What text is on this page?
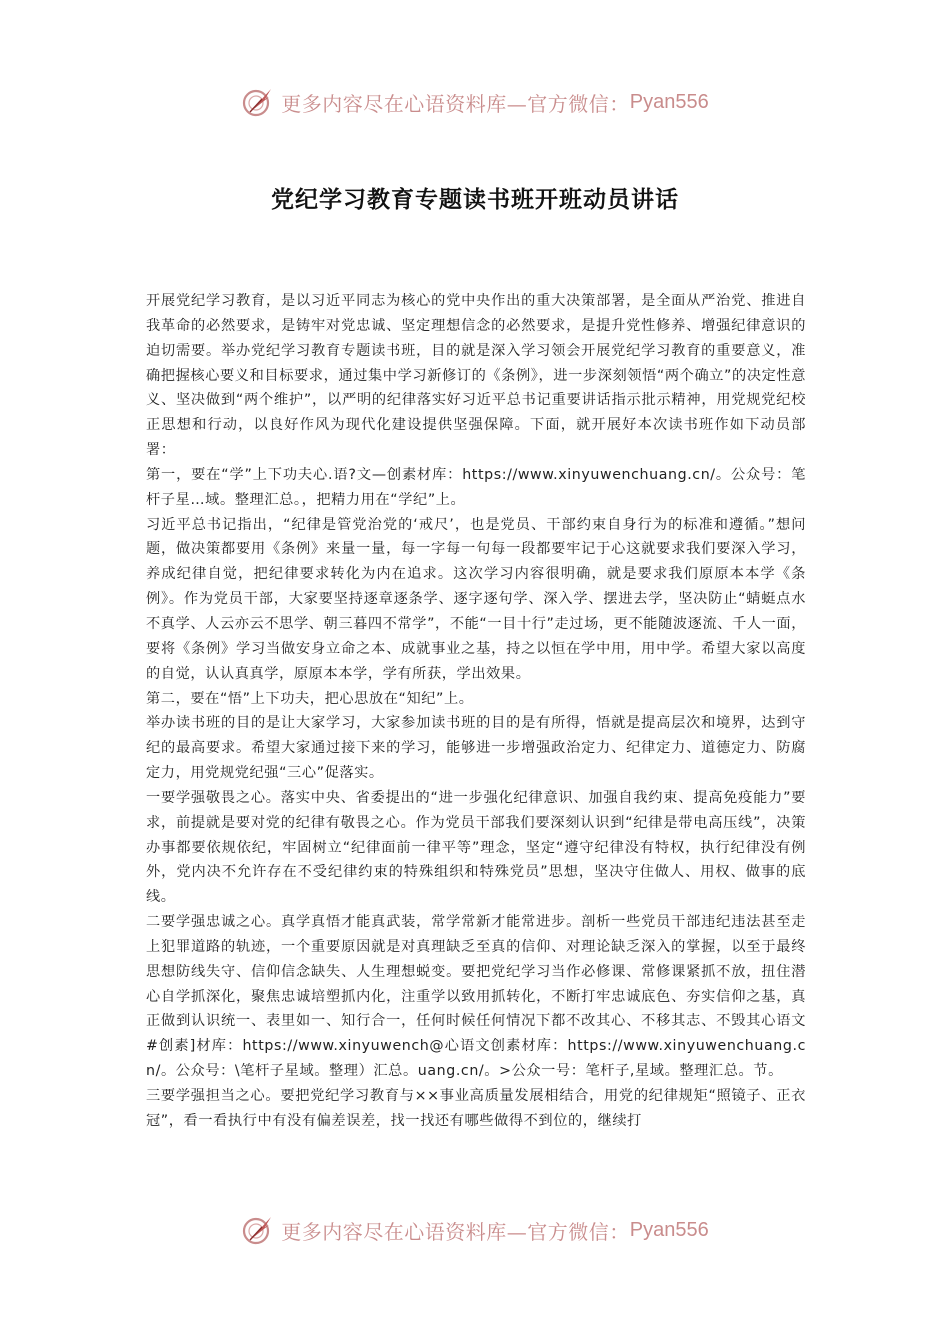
更多内容尽在心语资料库—官方微信： Pyan556
党纪学习教育专题读书班开班动员讲话

开展党纪学习教育，是以习近平同志为核心的党中央作出的重大决策部署，是全面从严治党、推进自我革命的必然要求，是铸牢对党忠诚、坚定理想信念的必然要求，是提升党性修养、增强纪律意识的迫切需要。举办党纪学习教育专题读书班，目的就是深入学习领会开展党纪学习教育的重要意义，准确把握核心要义和目标要求，通过集中学习新修订的《条例》，进一步深刻领悟“两个确立”的决定性意义、坚决做到“两个维护”，以严明的纪律落实好习近平总书记重要讲话指示批示精神，用党规党纪校正思想和行动，以良好作风为现代化建设提供坚强保障。下面，就开展好本次读书班作如下动员部署：

第一，要在“学”上下功夫心.语?文—创素材库：https://www.xinyuwenchuang.cn/。公众号：笔杆子星…域。整理汇总。，把精力用在“学纪”上。

习近平总书记指出，“纪律是管党治党的‘戒尺’，也是党员、干部约束自身行为的标准和遵循。”想问题，做决策都要用《条例》来量一量，每一字每一句每一段都要牢记于心这就要求我们要深入学习，养成纪律自觉，把纪律要求转化为内在追求。这次学习内容很明确，就是要求我们原原本本学《条例》。作为党员干部，大家要坚持逐章逐条学、逐字逐句学、深入学、摆进去学，坚决防止“蜻蜓点水不真学、人云亦云不思学、朝三暮四不常学”，不能“一目十行”走过场，更不能随波逐流、千人一面，要将《条例》学习当做安身立命之本、成就事业之基，持之以恒在学中用，用中学。希望大家以高度的自觉，认认真真学，原原本本学，学有所获，学出效果。

第二，要在“悟”上下功夫，把心思放在“知纪”上。

举办读书班的目的是让大家学习，大家参加读书班的目的是有所得，悟就是提高层次和境界，达到守纪的最高要求。希望大家通过接下来的学习，能够进一步增强政治定力、纪律定力、道德定力、防腐定力，用党规党纪强“三心”促落实。

一要学强敬畏之心。落实中央、省委提出的“进一步强化纪律意识、加强自我约束、提高免疫能力”要求，前提就是要对党的纪律有敬畏之心。作为党员干部我们要深刻认识到“纪律是带电高压线”，决策办事都要依规依纪，牢固树立“纪律面前一律平等”理念，坚定“遵守纪律没有特权，执行纪律没有例外，党内决不允许存在不受纪律约束的特殊组织和特殊党员”思想，坚决守住做人、用权、做事的底线。

二要学强忠诚之心。真学真悟才能真武装，常学常新才能常进步。剖析一些党员干部违纪违法甚至走上犯罪道路的轨迹，一个重要原因就是对真理缺乏至真的信仰、对理论缺乏深入的掌握，以至于最终思想防线失守、信仰信念缺失、人生理想蜕变。要把党纪学习当作必修课、常修课紧抓不放，扭住潜心自学抓深化，聚焦忠诚培塑抓内化，注重学以致用抓转化，不断打牢忠诚底色、夯实信仰之基，真正做到认识统一、表里如一、知行合一，任何时候任何情况下都不改其心、不移其志、不毁其心语文#创素]材库：https://www.xinyuwench@心语文创素材库：https://www.xinyuwenchuang.cn/。公众号：\笔杆子星域。整理）汇总。uang.cn/。>公众一号：笔杆子,星域。整理汇总。节。

三要学强担当之心。要把党纪学习教育与××事业高质量发展相结合，用党的纪律规矩“照镜子、正衣冠”，看一看执行中有没有偏差误差，找一找还有哪些做得不到位的，继续打

更多内容尽在心语资料库—官方微信： Pyan556
